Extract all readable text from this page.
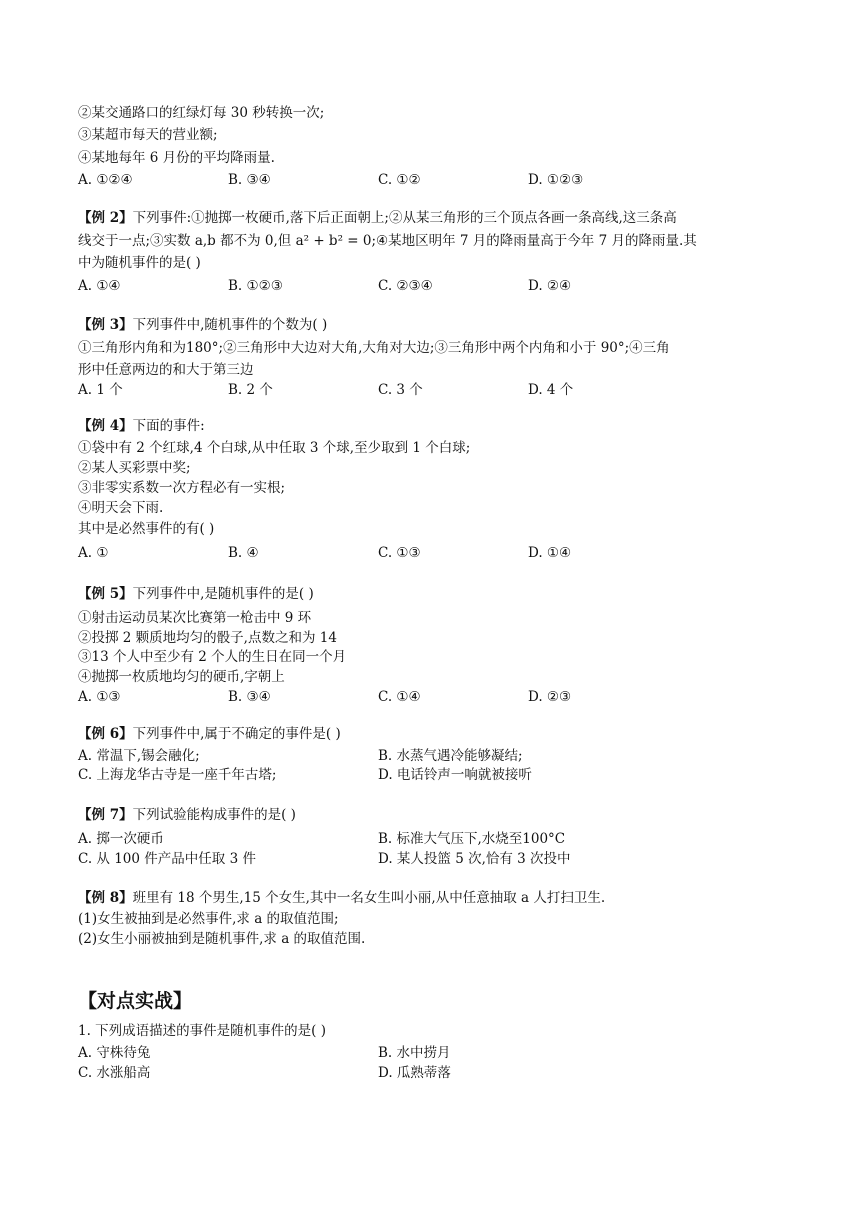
②某交通路口的红绿灯每 30 秒转换一次;
③某超市每天的营业额;
④某地每年 6 月份的平均降雨量.
A. ①②④	B. ③④	C. ①②	D. ①②③
【例 2】下列事件:①抛掷一枚硬币,落下后正面朝上;②从某三角形的三个顶点各画一条高线,这三条高
线交于一点;③实数 a,b 都不为 0,但 a² + b² = 0;④某地区明年 7 月的降雨量高于今年 7 月的降雨量.其
中为随机事件的是( )
A. ①④	B. ①②③	C. ②③④	D. ②④
【例 3】下列事件中,随机事件的个数为( )
①三角形内角和为180°;②三角形中大边对大角,大角对大边;③三角形中两个内角和小于 90°;④三角
形中任意两边的和大于第三边
A. 1 个	B. 2 个	C. 3 个	D. 4 个
【例 4】下面的事件:
①袋中有 2 个红球,4 个白球,从中任取 3 个球,至少取到 1 个白球;
②某人买彩票中奖;
③非零实系数一次方程必有一实根;
④明天会下雨.
其中是必然事件的有( )
A. ①	B. ④	C. ①③	D. ①④
【例 5】下列事件中,是随机事件的是( )
①射击运动员某次比赛第一枪击中 9 环
②投掷 2 颗质地均匀的骰子,点数之和为 14
③13 个人中至少有 2 个人的生日在同一个月
④抛掷一枚质地均匀的硬币,字朝上
A. ①③	B. ③④	C. ①④	D. ②③
【例 6】下列事件中,属于不确定的事件是( )
A. 常温下,锡会融化;	B. 水蒸气遇冷能够凝结;
C. 上海龙华古寺是一座千年古塔;	D. 电话铃声一响就被接听
【例 7】下列试验能构成事件的是( )
A. 掷一次硬币	B. 标准大气压下,水烧至100°C
C. 从 100 件产品中任取 3 件	D. 某人投篮 5 次,恰有 3 次投中
【例 8】班里有 18 个男生,15 个女生,其中一名女生叫小丽,从中任意抽取 a 人打扫卫生.
(1)女生被抽到是必然事件,求 a 的取值范围;
(2)女生小丽被抽到是随机事件,求 a 的取值范围.
【对点实战】
1. 下列成语描述的事件是随机事件的是( )
A. 守株待兔	B. 水中捞月
C. 水涨船高	D. 瓜熟蒂落
